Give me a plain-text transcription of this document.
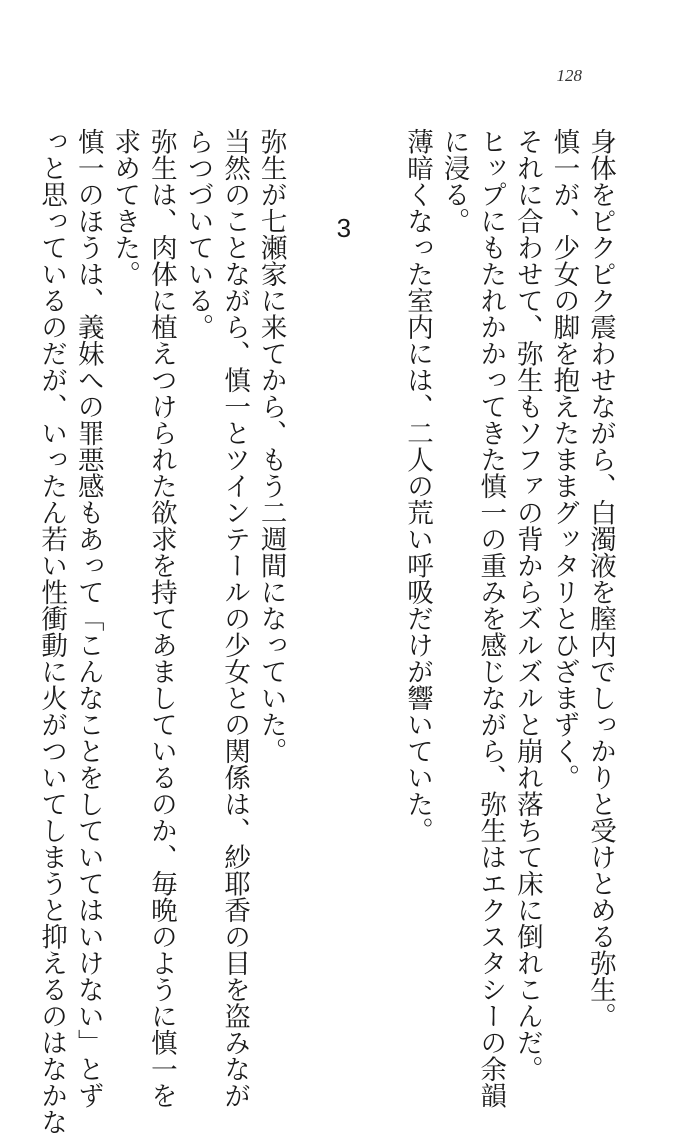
128

身体をピクピク震わせながら、白濁液を膣内でしっかりと受けとめる弥生。

慎一が、少女の脚を抱えたままグッタリとひざまずく。

それに合わせて、弥生もソファの背からズルズルと崩れ落ちて床に倒れこんだ。

ヒップにもたれかかってきた慎一の重みを感じながら、弥生はエクスタシーの余韻

に浸る。

薄暗くなった室内には、二人の荒い呼吸だけが響いていた。

3

弥生が七瀬家に来てから、もう二週間になっていた。

当然のことながら、慎一とツインテールの少女との関係は、紗耶香の目を盗みなが

らつづいている。

弥生は、肉体に植えつけられた欲求を持てあましているのか、毎晩のように慎一を

求めてきた。

慎一のほうは、義妹への罪悪感もあって「こんなことをしていてはいけない」とず

っと思っているのだが、いったん若い性衝動に火がついてしまうと抑えるのはなかな
